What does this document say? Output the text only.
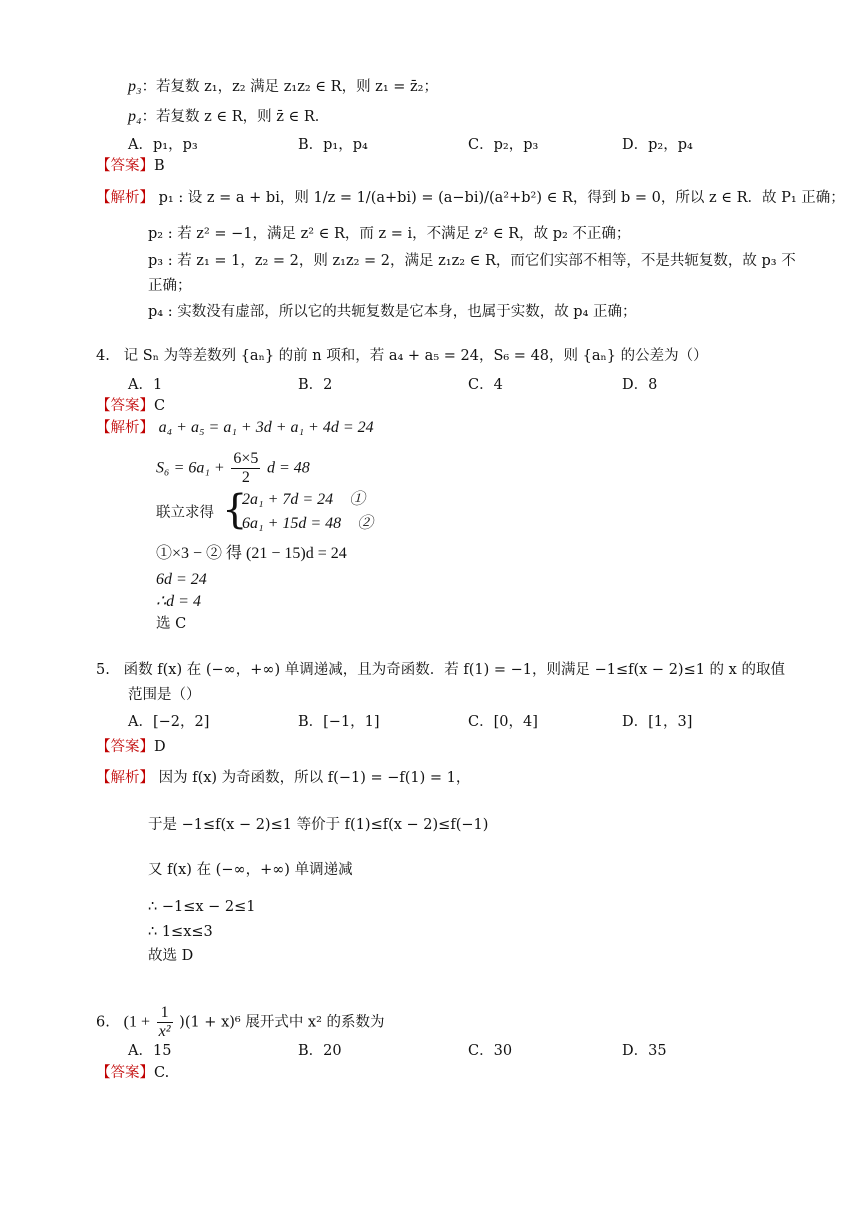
p₃：若复数 z₁，z₂ 满足 z₁z₂ ∈ R，则 z₁ = z̄₂；
p₄：若复数 z ∈ R，则 z̄ ∈ R．
A．p₁，p₃	B．p₁，p₄	C．p₂，p₃	D．p₂，p₄
【答案】B
【解析】 p₁ : 设 z = a + bi，则 1/z = 1/(a+bi) = (a−bi)/(a²+b²) ∈ R，得到 b = 0，所以 z ∈ R．故 P₁ 正确；
p₂ : 若 z² = −1，满足 z² ∈ R，而 z = i，不满足 z² ∈ R，故 p₂ 不正确；
p₃ : 若 z₁ = 1，z₂ = 2，则 z₁z₂ = 2，满足 z₁z₂ ∈ R，而它们实部不相等，不是共轭复数，故 p₃ 不
正确；
p₄ : 实数没有虚部，所以它的共轭复数是它本身，也属于实数，故 p₄ 正确；
4. 记 Sₙ 为等差数列 {aₙ} 的前 n 项和，若 a₄ + a₅ = 24，S₆ = 48，则 {aₙ} 的公差为（）
A．1	B．2	C．4	D．8
【答案】C
【解析】 a₄ + a₅ = a₁ + 3d + a₁ + 4d = 24
$S_6 = 6a_1 + \frac{6\times 5}{2}$ d = 48
联立求得 {
2a₁ + 7d = 24　①
6a₁ + 15d = 48　②
①×3 − ② 得 (21 − 15)d = 24
6d = 24
∴d = 4
选 C
5. 函数 f(x) 在 (−∞，+∞) 单调递减，且为奇函数．若 f(1) = −1，则满足 −1≤f(x − 2)≤1 的 x 的取值
范围是（）
A．[−2，2]	B．[−1，1]	C．[0，4]	D．[1，3]
【答案】D
【解析】 因为 f(x) 为奇函数，所以 f(−1) = −f(1) = 1，
于是 −1≤f(x − 2)≤1 等价于 f(1)≤f(x − 2)≤f(−1)
又 f(x) 在 (−∞，+∞) 单调递减
∴ −1≤x − 2≤1
∴ 1≤x≤3
故选 D
6. $(1 + \frac{1}{\text{x²}} )(1 + x)^6$ 展开式中 x² 的系数为
A．15	B．20	C．30	D．35
【答案】C.
